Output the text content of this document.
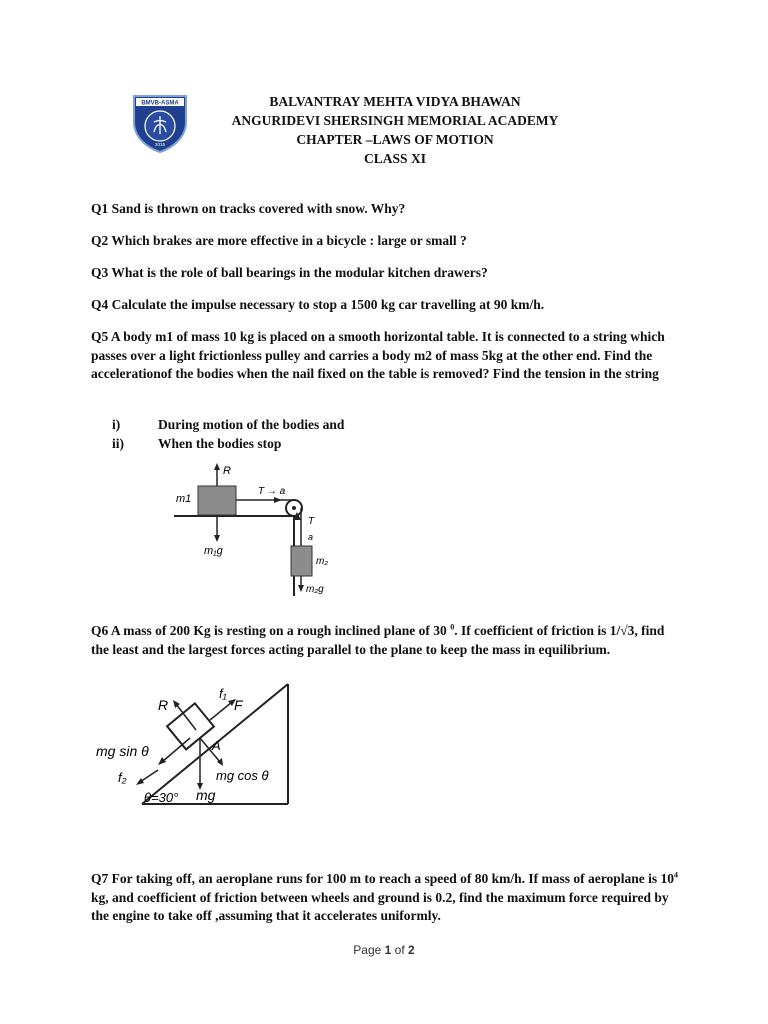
BMVB-ASMA
2015
BALVANTRAY MEHTA VIDYA BHAWAN
ANGURIDEVI SHERSINGH MEMORIAL ACADEMY
CHAPTER –LAWS OF MOTION
CLASS XI
Q1 Sand is thrown on tracks covered with snow. Why?
Q2 Which brakes are more effective in a bicycle : large or small ?
Q3 What is the role of ball bearings in the modular kitchen drawers?
Q4 Calculate the impulse necessary to stop a 1500 kg car travelling at 90 km/h.
Q5 A body m1 of mass 10 kg is placed on a smooth horizontal table. It is connected to a string which passes over a light frictionless pulley and carries a body m2 of mass 5kg at the other end. Find the accelerationof the bodies when the nail fixed on the table is removed? Find the tension in the string
i)	During motion of the bodies and
ii)	When the bodies stop
R
m1
T → a
T
a
m₁g
m₂
m₂g
Q6 A mass of 200 Kg is resting on a rough inclined plane of 30 $^0$. If coefficient of friction is 1/√3, find the least and the largest forces acting parallel to the plane to keep the mass in equilibrium.
R
f₁
F
mg sin θ	A
f₂	mg cos θ
θ=30° mg
Q7 For taking off, an aeroplane runs for 100 m to reach a speed of 80 km/h. If mass of aeroplane is $10^4$ kg, and coefficient of friction between wheels and ground is 0.2, find the maximum force required by the engine to take off ,assuming that it accelerates uniformly.
Page 1 of 2
